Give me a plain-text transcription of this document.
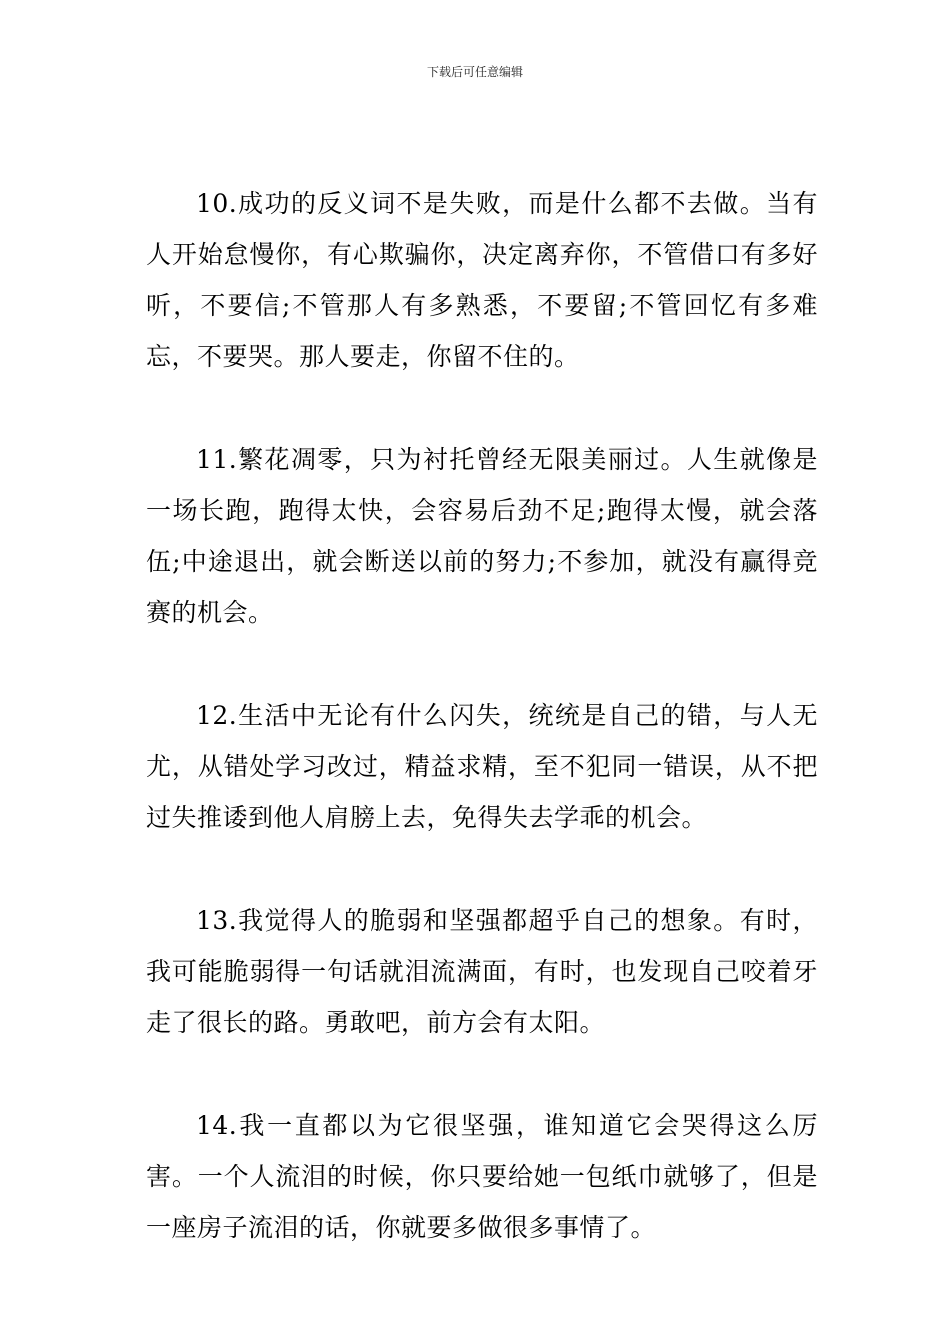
下载后可任意编辑

10.成功的反义词不是失败，而是什么都不去做。当有人开始怠慢你，有心欺骗你，决定离弃你，不管借口有多好听，不要信;不管那人有多熟悉，不要留;不管回忆有多难忘，不要哭。那人要走，你留不住的。

11.繁花凋零，只为衬托曾经无限美丽过。人生就像是一场长跑，跑得太快，会容易后劲不足;跑得太慢，就会落伍;中途退出，就会断送以前的努力;不参加，就没有赢得竞赛的机会。

12.生活中无论有什么闪失，统统是自己的错，与人无尤，从错处学习改过，精益求精，至不犯同一错误，从不把过失推诿到他人肩膀上去，免得失去学乖的机会。

13.我觉得人的脆弱和坚强都超乎自己的想象。有时，我可能脆弱得一句话就泪流满面，有时，也发现自己咬着牙走了很长的路。勇敢吧，前方会有太阳。

14.我一直都以为它很坚强，谁知道它会哭得这么厉害。一个人流泪的时候，你只要给她一包纸巾就够了，但是一座房子流泪的话，你就要多做很多事情了。
